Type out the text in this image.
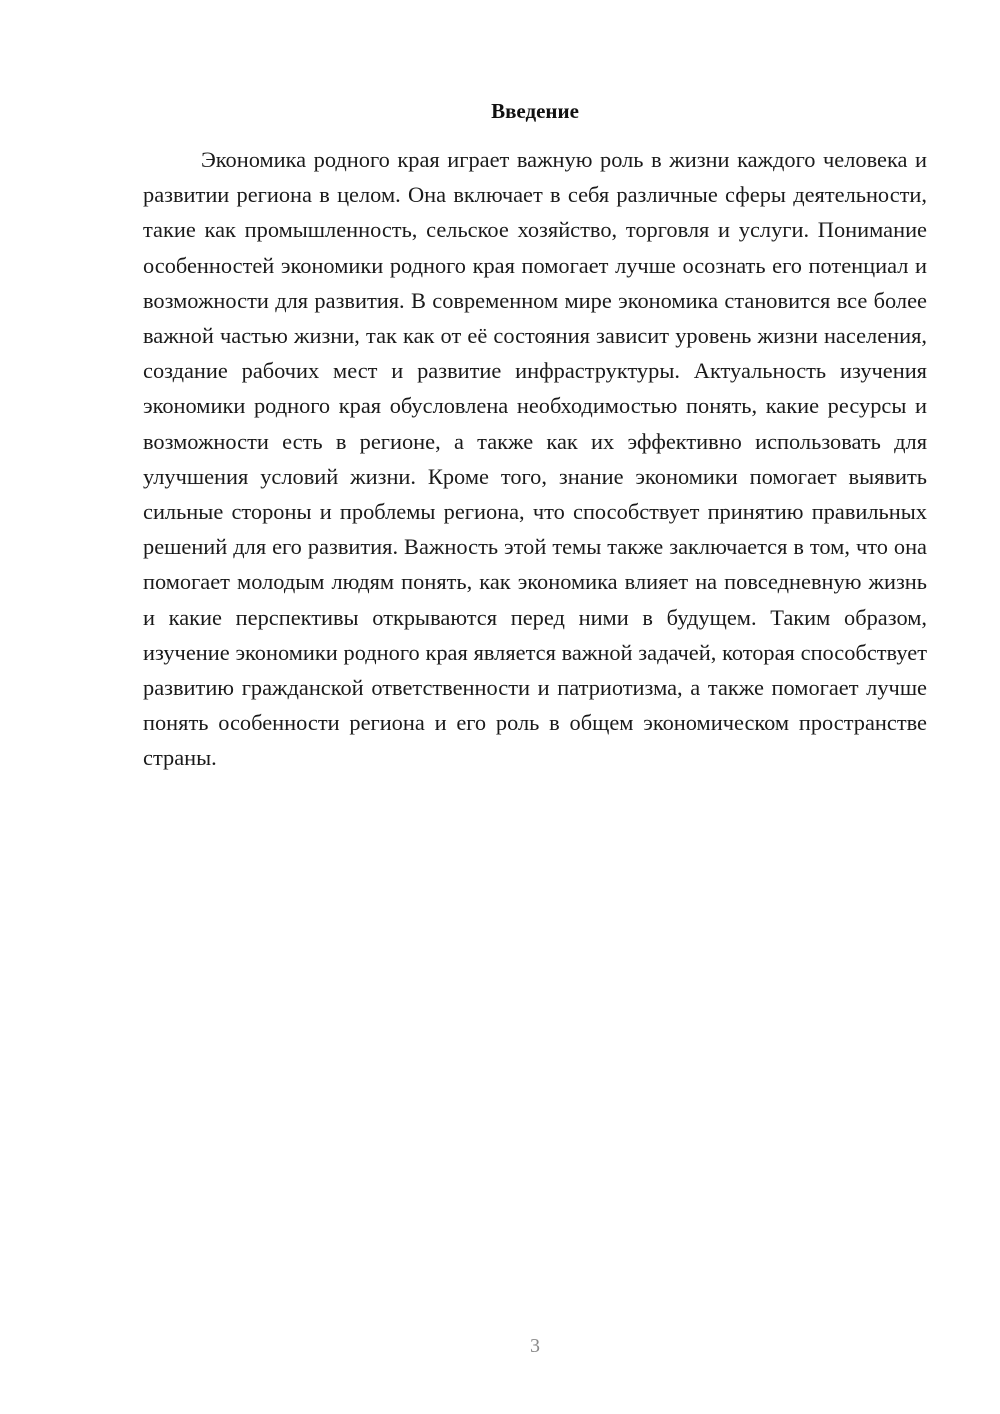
Введение

Экономика родного края играет важную роль в жизни каждого человека и развитии региона в целом. Она включает в себя различные сферы деятельности, такие как промышленность, сельское хозяйство, торговля и услуги. Понимание особенностей экономики родного края помогает лучше осознать его потенциал и возможности для развития. В современном мире экономика становится все более важной частью жизни, так как от её состояния зависит уровень жизни населения, создание рабочих мест и развитие инфраструктуры. Актуальность изучения экономики родного края обусловлена необходимостью понять, какие ресурсы и возможности есть в регионе, а также как их эффективно использовать для улучшения условий жизни. Кроме того, знание экономики помогает выявить сильные стороны и проблемы региона, что способствует принятию правильных решений для его развития. Важность этой темы также заключается в том, что она помогает молодым людям понять, как экономика влияет на повседневную жизнь и какие перспективы открываются перед ними в будущем. Таким образом, изучение экономики родного края является важной задачей, которая способствует развитию гражданской ответственности и патриотизма, а также помогает лучше понять особенности региона и его роль в общем экономическом пространстве страны.

3
